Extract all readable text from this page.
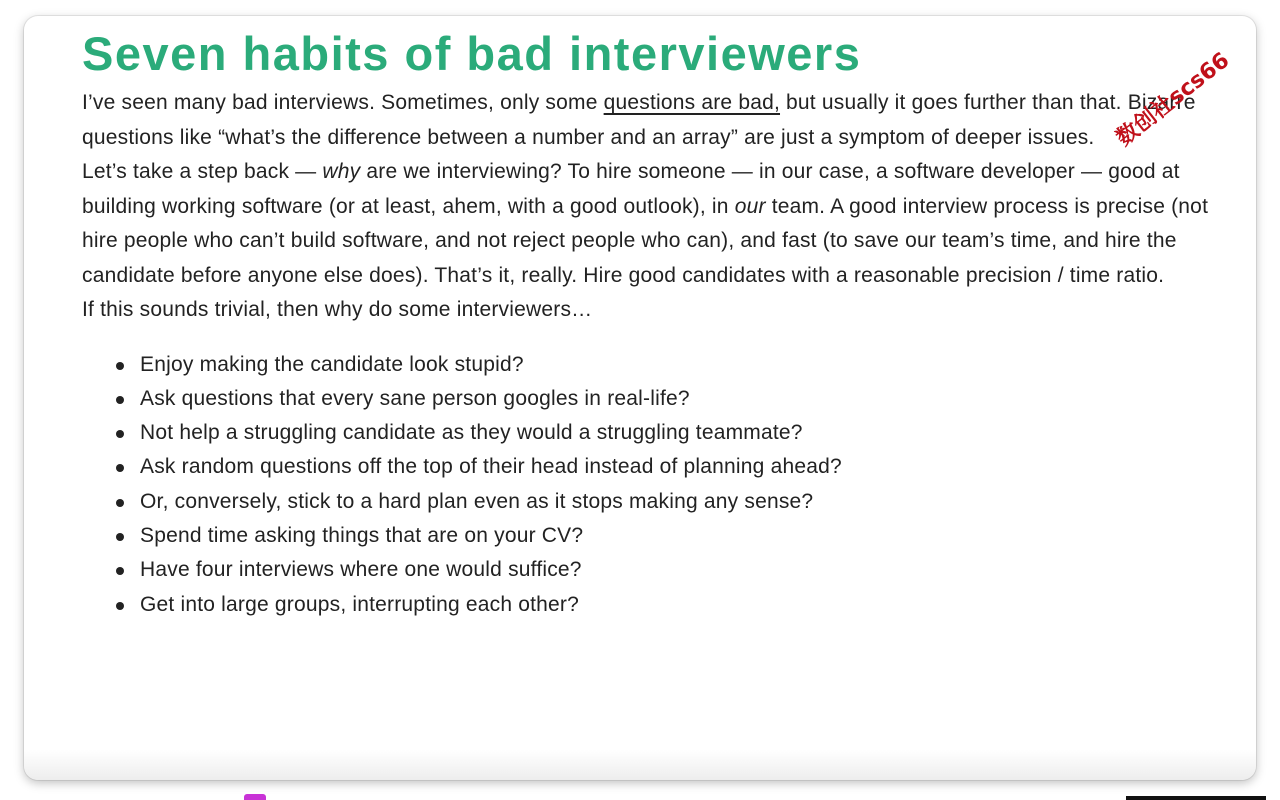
Seven habits of bad interviewers

I’ve seen many bad interviews. Sometimes, only some questions are bad, but usually it goes further than that. Bizarre questions like “what’s the difference between a number and an array” are just a symptom of deeper issues.

Let’s take a step back — why are we interviewing? To hire someone — in our case, a software developer — good at building working software (or at least, ahem, with a good outlook), in our team. A good interview process is precise (not hire people who can’t build software, and not reject people who can), and fast (to save our team’s time, and hire the candidate before anyone else does). That’s it, really. Hire good candidates with a reasonable precision / time ratio.

If this sounds trivial, then why do some interviewers…

Enjoy making the candidate look stupid?
Ask questions that every sane person googles in real-life?
Not help a struggling candidate as they would a struggling teammate?
Ask random questions off the top of their head instead of planning ahead?
Or, conversely, stick to a hard plan even as it stops making any sense?
Spend time asking things that are on your CV?
Have four interviews where one would suffice?
Get into large groups, interrupting each other?
数创社scs66
